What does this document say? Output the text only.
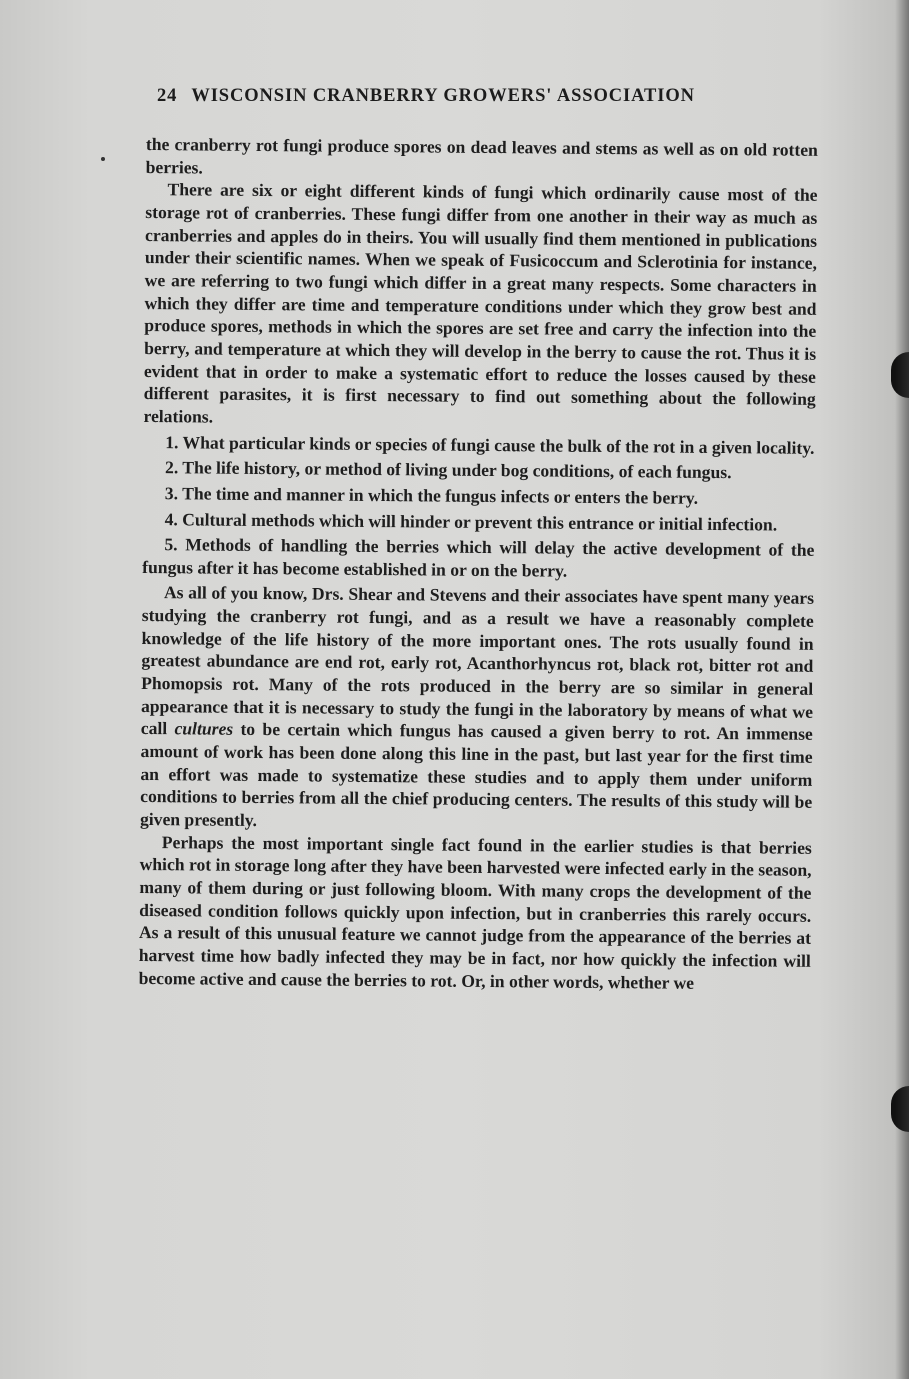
24 WISCONSIN CRANBERRY GROWERS' ASSOCIATION

the cranberry rot fungi produce spores on dead leaves and stems as well as on old rotten berries.

There are six or eight different kinds of fungi which ordinarily cause most of the storage rot of cranberries. These fungi differ from one another in their way as much as cranberries and apples do in theirs. You will usually find them mentioned in publications under their scientific names. When we speak of Fusicoccum and Sclerotinia for instance, we are referring to two fungi which differ in a great many respects. Some characters in which they differ are time and temperature conditions under which they grow best and produce spores, methods in which the spores are set free and carry the infection into the berry, and temperature at which they will develop in the berry to cause the rot. Thus it is evident that in order to make a systematic effort to reduce the losses caused by these different parasites, it is first necessary to find out something about the following relations.

1. What particular kinds or species of fungi cause the bulk of the rot in a given locality.

2. The life history, or method of living under bog conditions, of each fungus.

3. The time and manner in which the fungus infects or enters the berry.

4. Cultural methods which will hinder or prevent this entrance or initial infection.

5. Methods of handling the berries which will delay the active development of the fungus after it has become established in or on the berry.

As all of you know, Drs. Shear and Stevens and their associates have spent many years studying the cranberry rot fungi, and as a result we have a reasonably complete knowledge of the life history of the more important ones. The rots usually found in greatest abundance are end rot, early rot, Acanthorhyncus rot, black rot, bitter rot and Phomopsis rot. Many of the rots produced in the berry are so similar in general appearance that it is necessary to study the fungi in the laboratory by means of what we call cultures to be certain which fungus has caused a given berry to rot. An immense amount of work has been done along this line in the past, but last year for the first time an effort was made to systematize these studies and to apply them under uniform conditions to berries from all the chief producing centers. The results of this study will be given presently.

Perhaps the most important single fact found in the earlier studies is that berries which rot in storage long after they have been harvested were infected early in the season, many of them during or just following bloom. With many crops the development of the diseased condition follows quickly upon infection, but in cranberries this rarely occurs. As a result of this unusual feature we cannot judge from the appearance of the berries at harvest time how badly infected they may be in fact, nor how quickly the infection will become active and cause the berries to rot. Or, in other words, whether we
